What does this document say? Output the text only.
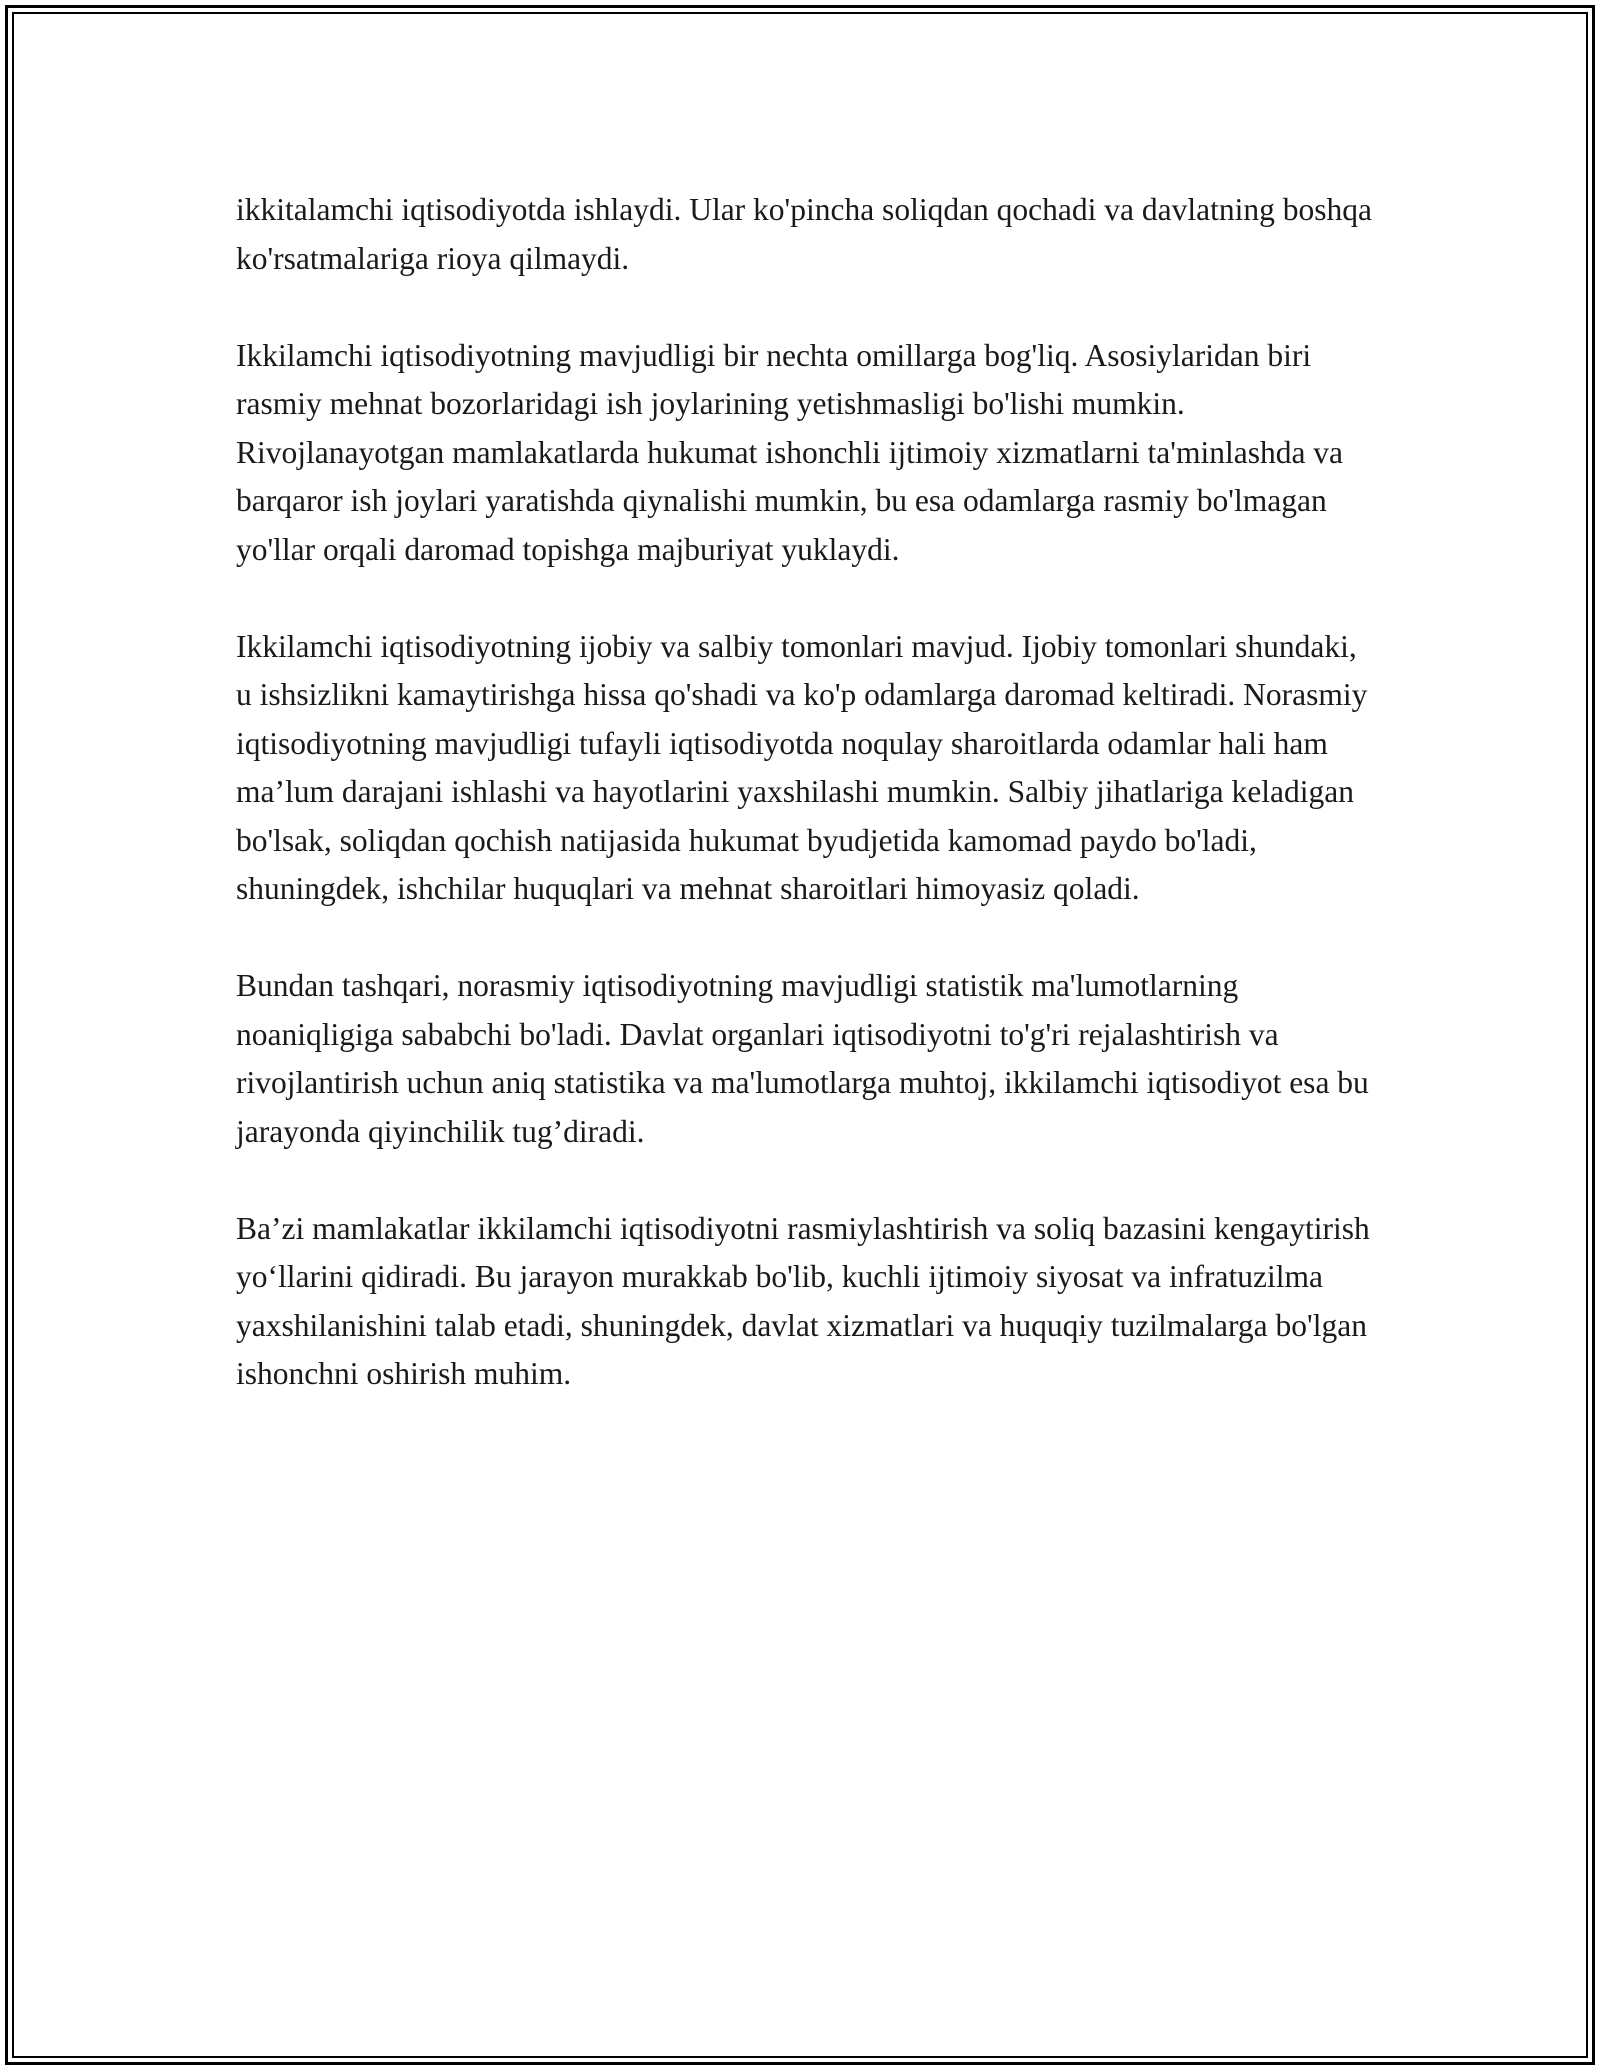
ikkitalamchi iqtisodiyotda ishlaydi. Ular ko'pincha soliqdan qochadi va davlatning boshqa ko'rsatmalariga rioya qilmaydi.

Ikkilamchi iqtisodiyotning mavjudligi bir nechta omillarga bog'liq. Asosiylaridan biri rasmiy mehnat bozorlaridagi ish joylarining yetishmasligi bo'lishi mumkin. Rivojlanayotgan mamlakatlarda hukumat ishonchli ijtimoiy xizmatlarni ta'minlashda va barqaror ish joylari yaratishda qiynalishi mumkin, bu esa odamlarga rasmiy bo'lmagan yo'llar orqali daromad topishga majburiyat yuklaydi.

Ikkilamchi iqtisodiyotning ijobiy va salbiy tomonlari mavjud. Ijobiy tomonlari shundaki, u ishsizlikni kamaytirishga hissa qo'shadi va ko'p odamlarga daromad keltiradi. Norasmiy iqtisodiyotning mavjudligi tufayli iqtisodiyotda noqulay sharoitlarda odamlar hali ham maʼlum darajani ishlashi va hayotlarini yaxshilashi mumkin. Salbiy jihatlariga keladigan bo'lsak, soliqdan qochish natijasida hukumat byudjetida kamomad paydo bo'ladi, shuningdek, ishchilar huquqlari va mehnat sharoitlari himoyasiz qoladi.

Bundan tashqari, norasmiy iqtisodiyotning mavjudligi statistik ma'lumotlarning noaniqligiga sababchi bo'ladi. Davlat organlari iqtisodiyotni to'g'ri rejalashtirish va rivojlantirish uchun aniq statistika va ma'lumotlarga muhtoj, ikkilamchi iqtisodiyot esa bu jarayonda qiyinchilik tugʼdiradi.

Baʼzi mamlakatlar ikkilamchi iqtisodiyotni rasmiylashtirish va soliq bazasini kengaytirish yoʻllarini qidiradi. Bu jarayon murakkab bo'lib, kuchli ijtimoiy siyosat va infratuzilma yaxshilanishini talab etadi, shuningdek, davlat xizmatlari va huquqiy tuzilmalarga bo'lgan ishonchni oshirish muhim.
